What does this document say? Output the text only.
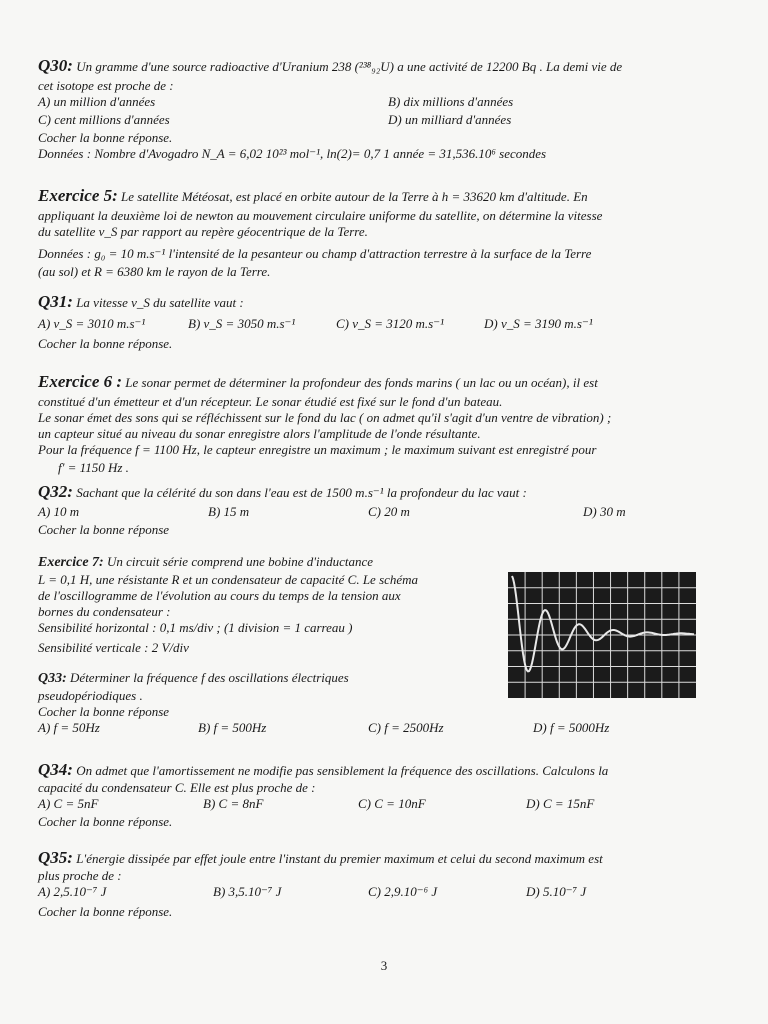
Q30: Un gramme d'une source radioactive d'Uranium 238 (²³⁸₉₂U) a une activité de 12200 Bq . La demi vie de
cet isotope est proche de :
A) un million d'années	B) dix millions d'années
C) cent millions d'années	D) un milliard d'années
Cocher la bonne réponse.
Données : Nombre d'Avogadro N_A = 6,02 10²³ mol⁻¹, ln(2)= 0,7 1 année = 31,536.10⁶ secondes
Exercice 5: Le satellite Météosat, est placé en orbite autour de la Terre à h = 33620 km d'altitude. En
appliquant la deuxième loi de newton au mouvement circulaire uniforme du satellite, on détermine la vitesse
du satellite v_S par rapport au repère géocentrique de la Terre.
Données : g₀ = 10 m.s⁻¹ l'intensité de la pesanteur ou champ d'attraction terrestre à la surface de la Terre
(au sol) et R = 6380 km le rayon de la Terre.
Q31: La vitesse v_S du satellite vaut :
A) v_S = 3010 m.s⁻¹	B) v_S = 3050 m.s⁻¹	C) v_S = 3120 m.s⁻¹	D) v_S = 3190 m.s⁻¹
Cocher la bonne réponse.
Exercice 6 : Le sonar permet de déterminer la profondeur des fonds marins ( un lac ou un océan), il est
constitué d'un émetteur et d'un récepteur. Le sonar étudié est fixé sur le fond d'un bateau.
Le sonar émet des sons qui se réfléchissent sur le fond du lac ( on admet qu'il s'agit d'un ventre de vibration) ;
un capteur situé au niveau du sonar enregistre alors l'amplitude de l'onde résultante.
Pour la fréquence f = 1100 Hz, le capteur enregistre un maximum ; le maximum suivant est enregistré pour
f' = 1150 Hz .
Q32: Sachant que la célérité du son dans l'eau est de 1500 m.s⁻¹ la profondeur du lac vaut :
A) 10 m	B) 15 m	C) 20 m	D) 30 m
Cocher la bonne réponse
Exercice 7: Un circuit série comprend une bobine d'inductance
L = 0,1 H, une résistante R et un condensateur de capacité C. Le schéma
de l'oscillogramme de l'évolution au cours du temps de la tension aux
bornes du condensateur :
Sensibilité horizontal : 0,1 ms/div ; (1 division = 1 carreau )
Sensibilité verticale : 2 V/div
Q33: Déterminer la fréquence f des oscillations électriques
pseudopériodiques .
Cocher la bonne réponse
A) f = 50Hz	B) f = 500Hz	C) f = 2500Hz	D) f = 5000Hz
Q34: On admet que l'amortissement ne modifie pas sensiblement la fréquence des oscillations. Calculons la
capacité du condensateur C. Elle est plus proche de :
A) C = 5nF	B) C = 8nF	C) C = 10nF	D) C = 15nF
Cocher la bonne réponse.
Q35: L'énergie dissipée par effet joule entre l'instant du premier maximum et celui du second maximum est
plus proche de :
A) 2,5.10⁻⁷ J	B) 3,5.10⁻⁷ J	C) 2,9.10⁻⁶ J	D) 5.10⁻⁷ J
Cocher la bonne réponse.
3
